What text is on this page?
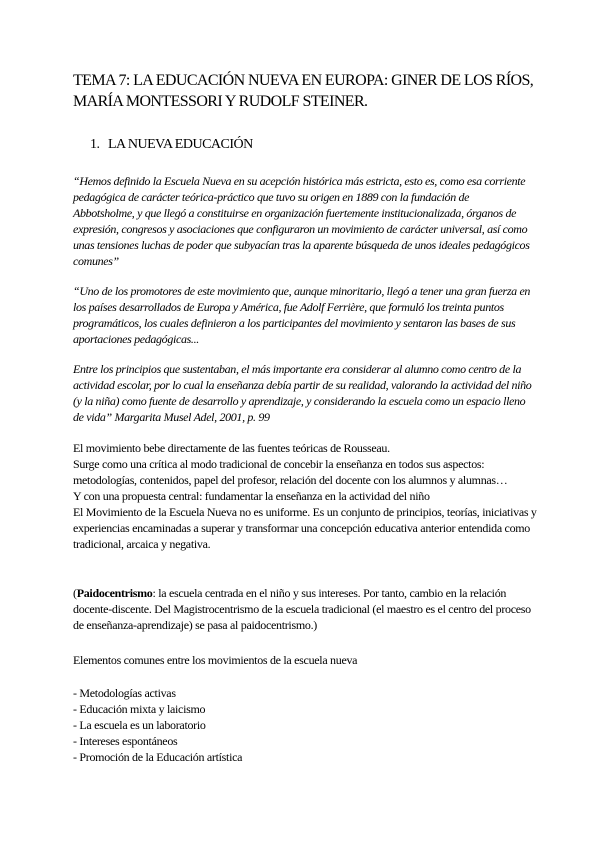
TEMA 7: LA EDUCACIÓN NUEVA EN EUROPA: GINER DE LOS RÍOS, MARÍA MONTESSORI Y RUDOLF STEINER.
1. LA NUEVA EDUCACIÓN

“Hemos definido la Escuela Nueva en su acepción histórica más estricta, esto es, como esa corriente pedagógica de carácter teórica-práctico que tuvo su origen en 1889 con la fundación de Abbotsholme, y que llegó a constituirse en organización fuertemente institucionalizada, órganos de expresión, congresos y asociaciones que configuraron un movimiento de carácter universal, así como unas tensiones luchas de poder que subyacían tras la aparente búsqueda de unos ideales pedagógicos comunes”

“Uno de los promotores de este movimiento que, aunque minoritario, llegó a tener una gran fuerza en los países desarrollados de Europa y América, fue Adolf Ferrière, que formuló los treinta puntos programáticos, los cuales definieron a los participantes del movimiento y sentaron las bases de sus aportaciones pedagógicas...

Entre los principios que sustentaban, el más importante era considerar al alumno como centro de la actividad escolar, por lo cual la enseñanza debía partir de su realidad, valorando la actividad del niño (y la niña) como fuente de desarrollo y aprendizaje, y considerando la escuela como un espacio lleno de vida” Margarita Musel Adel, 2001, p. 99

El movimiento bebe directamente de las fuentes teóricas de Rousseau.

Surge como una crítica al modo tradicional de concebir la enseñanza en todos sus aspectos: metodologías, contenidos, papel del profesor, relación del docente con los alumnos y alumnas…

Y con una propuesta central: fundamentar la enseñanza en la actividad del niño

El Movimiento de la Escuela Nueva no es uniforme. Es un conjunto de principios, teorías, iniciativas y experiencias encaminadas a superar y transformar una concepción educativa anterior entendida como tradicional, arcaica y negativa.

(Paidocentrismo: la escuela centrada en el niño y sus intereses. Por tanto, cambio en la relación docente-discente. Del Magistrocentrismo de la escuela tradicional (el maestro es el centro del proceso de enseñanza-aprendizaje) se pasa al paidocentrismo.)

Elementos comunes entre los movimientos de la escuela nueva

- Metodologías activas
- Educación mixta y laicismo
- La escuela es un laboratorio
- Intereses espontáneos
- Promoción de la Educación artística
